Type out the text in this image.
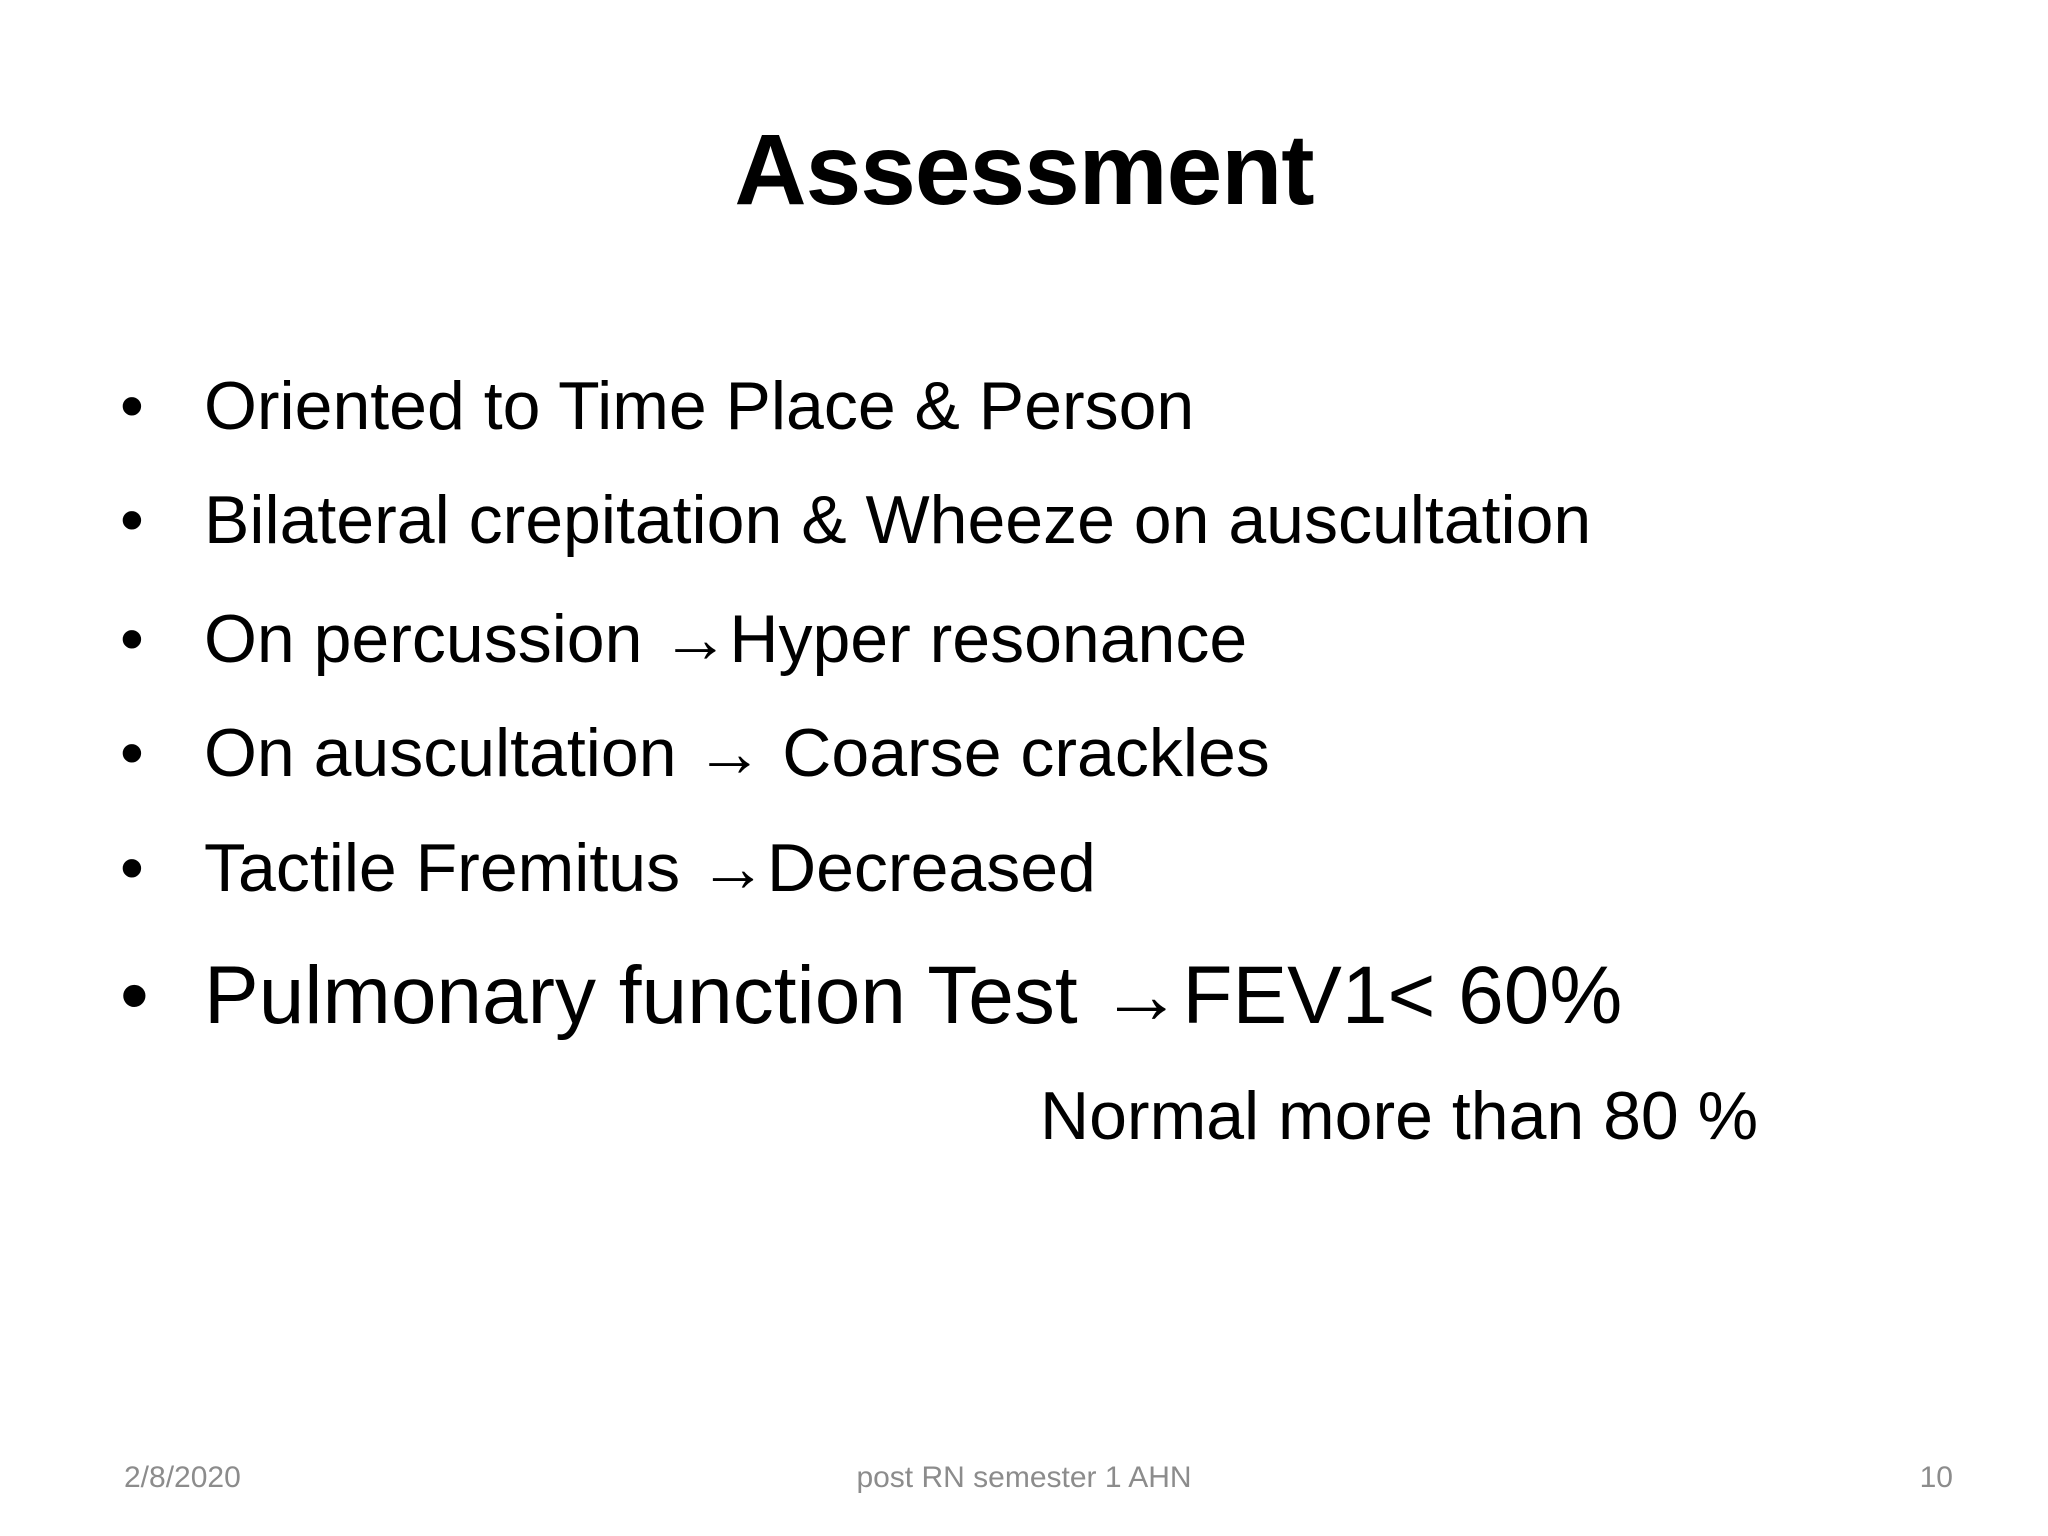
Assessment
• Oriented to Time Place & Person
• Bilateral crepitation & Wheeze on auscultation
• On percussion →Hyper resonance
• On auscultation → Coarse crackles
• Tactile Fremitus →Decreased
• Pulmonary function Test →FEV1< 60%
Normal more than 80 %
2/8/2020	post RN semester 1 AHN	10
